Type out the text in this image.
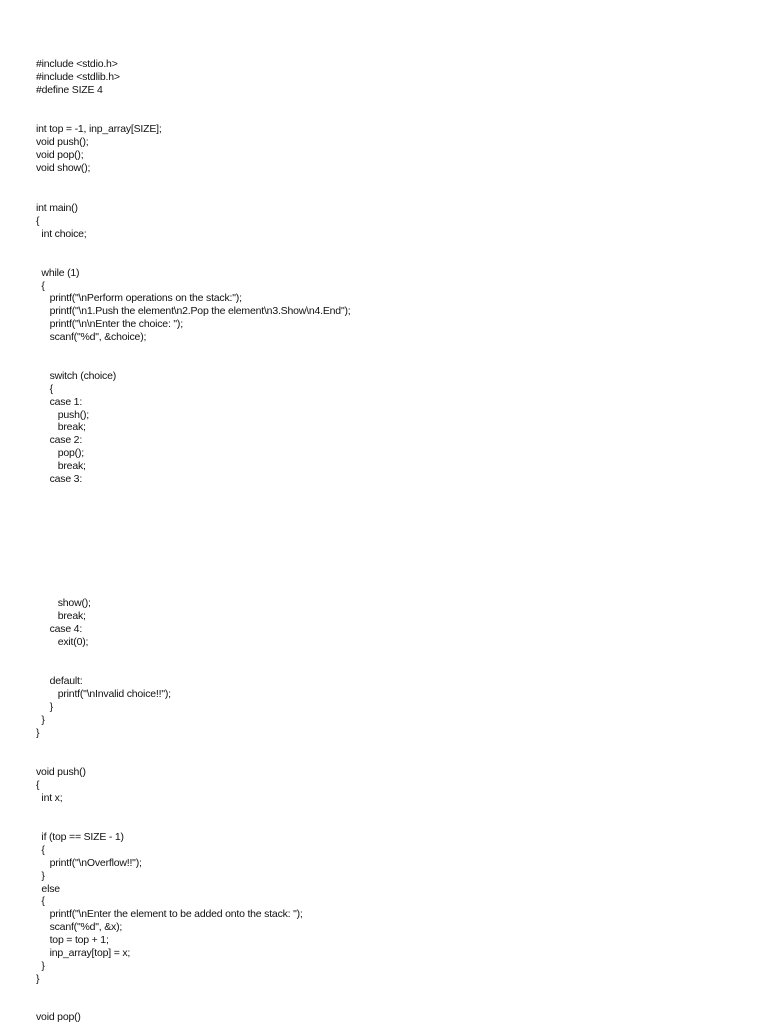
#include <stdio.h>

#include <stdlib.h>

#define SIZE 4

int top = -1, inp_array[SIZE];

void push();

void pop();

void show();

int main()

{

int choice;

while (1)

{

printf("\nPerform operations on the stack:");

printf("\n1.Push the element\n2.Pop the element\n3.Show\n4.End");

printf("\n\nEnter the choice: ");

scanf("%d", &choice);

switch (choice)

{

case 1:

push();

break;

case 2:

pop();

break;

case 3:

show();

break;

case 4:

exit(0);

default:

printf("\nInvalid choice!!");

}

}

}

void push()

{

int x;

if (top == SIZE - 1)

{

printf("\nOverflow!!");

}

else

{

printf("\nEnter the element to be added onto the stack: ");

scanf("%d", &x);

top = top + 1;

inp_array[top] = x;

}

}

void pop()
